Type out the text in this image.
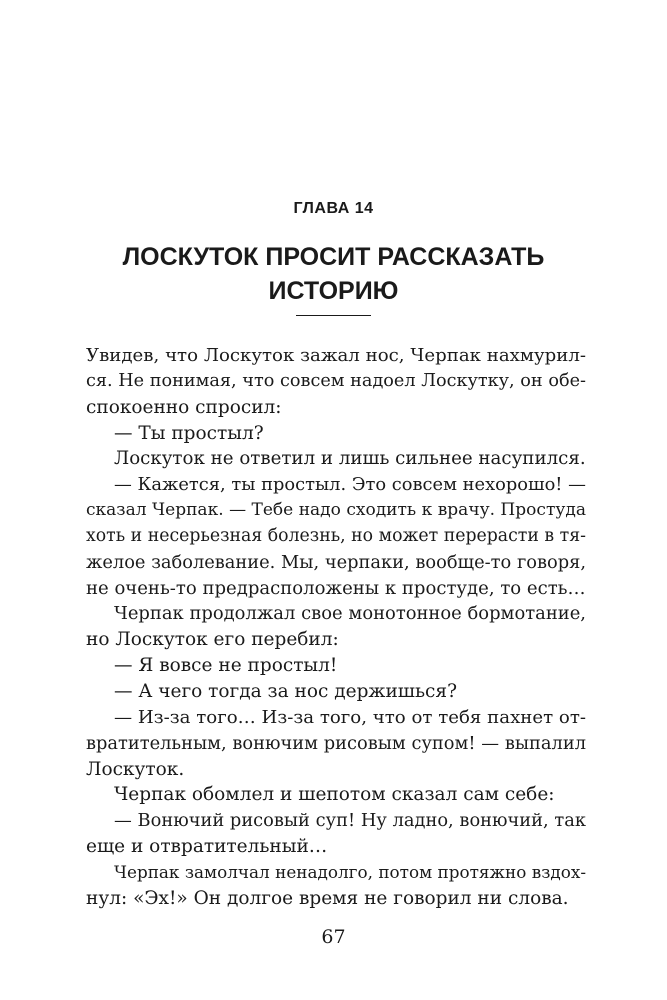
ГЛАВА 14
ЛОСКУТОК ПРОСИТ РАССКАЗАТЬ
ИСТОРИЮ
Увидев, что Лоскуток зажал нос, Черпак нахмурил-
ся. Не понимая, что совсем надоел Лоскутку, он обе-
спокоенно спросил:
— Ты простыл?
Лоскуток не ответил и лишь сильнее насупился.
— Кажется, ты простыл. Это совсем нехорошо! —
сказал Черпак. — Тебе надо сходить к врачу. Простуда
хоть и несерьезная болезнь, но может перерасти в тя-
желое заболевание. Мы, черпаки, вообще-то говоря,
не очень-то предрасположены к простуде, то есть…
Черпак продолжал свое монотонное бормотание,
но Лоскуток его перебил:
— Я вовсе не простыл!
— А чего тогда за нос держишься?
— Из-за того… Из-за того, что от тебя пахнет от-
вратительным, вонючим рисовым супом! — выпалил
Лоскуток.
Черпак обомлел и шепотом сказал сам себе:
— Вонючий рисовый суп! Ну ладно, вонючий, так
еще и отвратительный…
Черпак замолчал ненадолго, потом протяжно вздох-
нул: «Эх!» Он долгое время не говорил ни слова.
67
